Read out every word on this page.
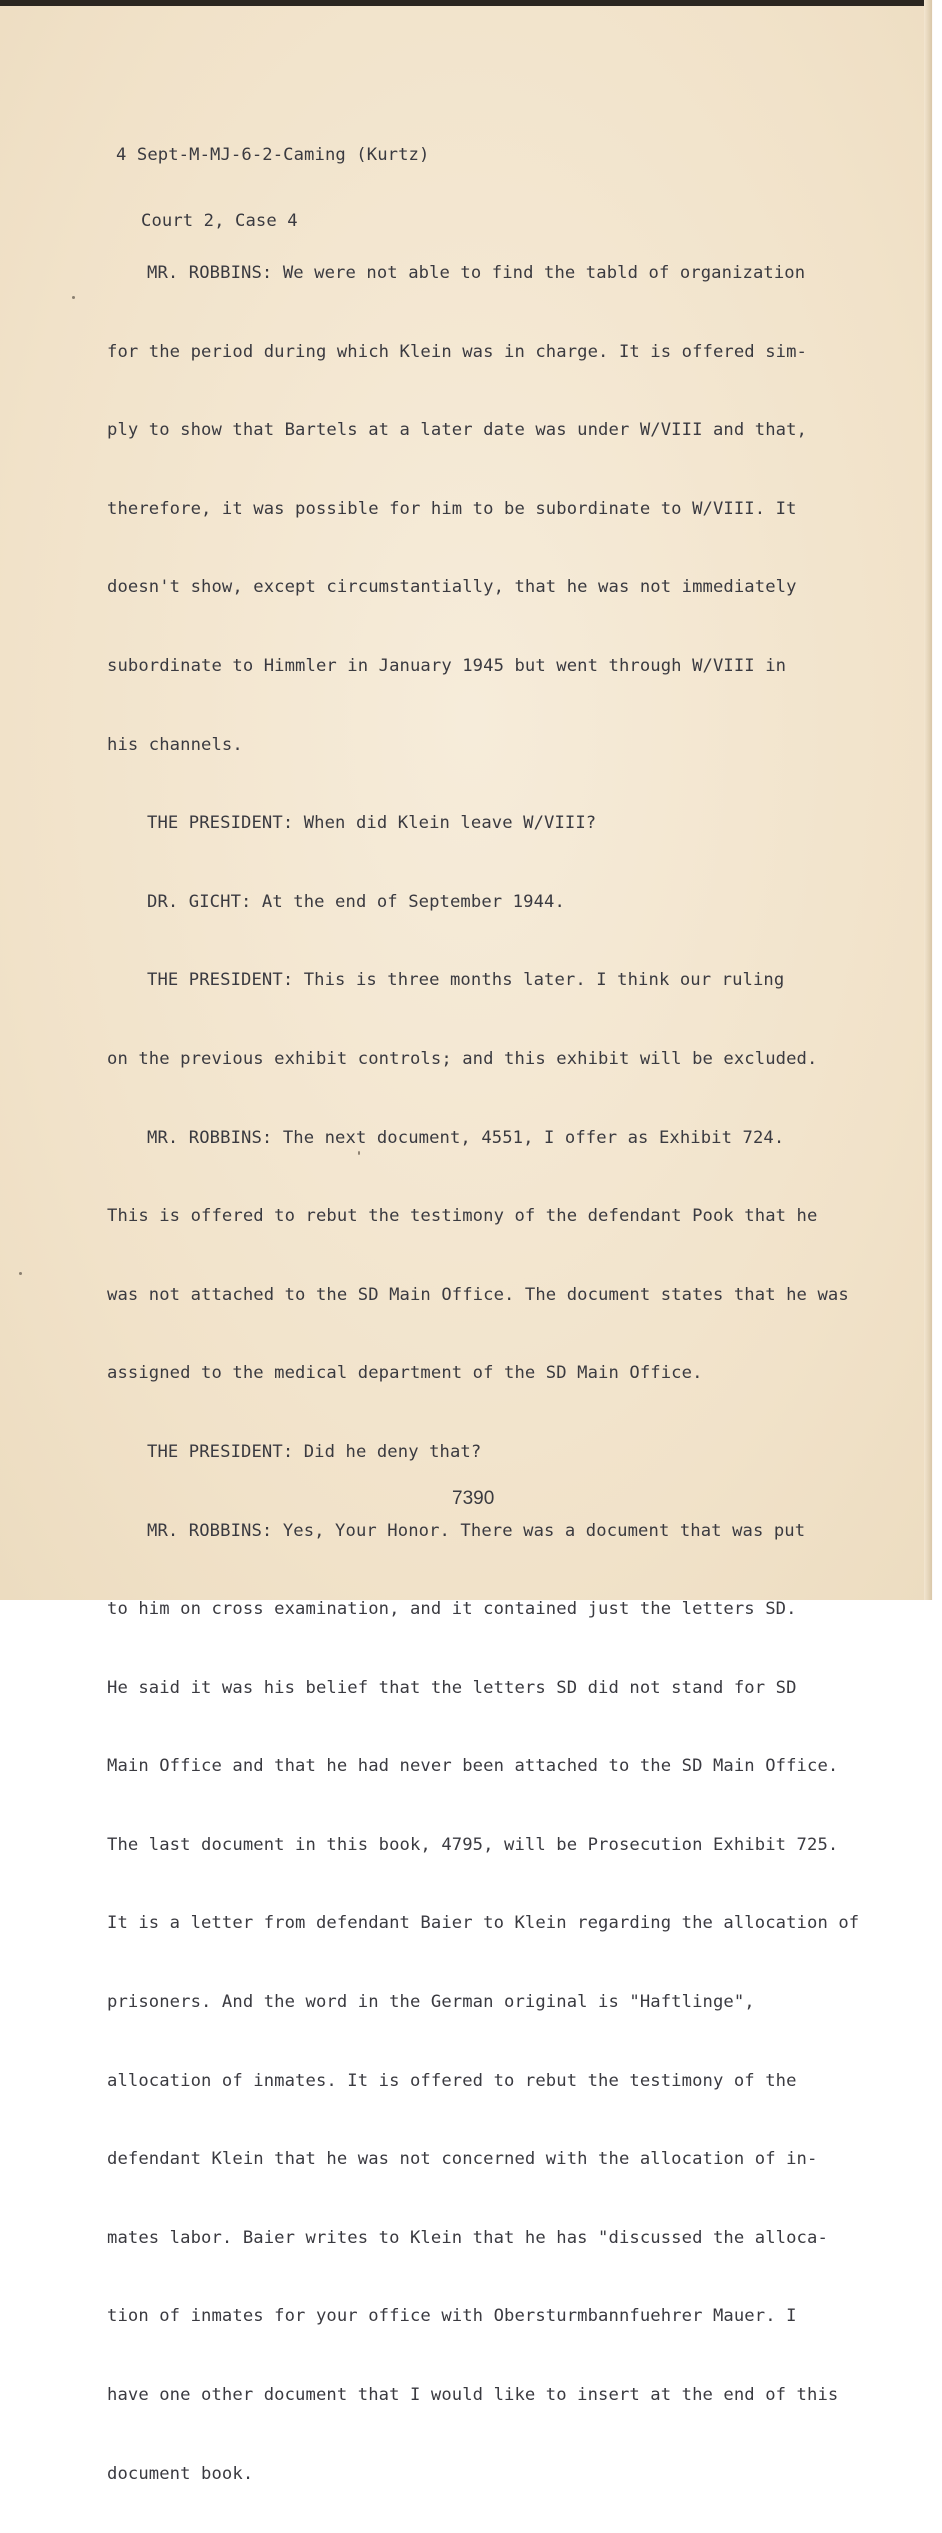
4 Sept-M-MJ-6-2-Caming (Kurtz)

Court 2, Case 4

MR. ROBBINS: We were not able to find the tabld of organization

for the period during which Klein was in charge. It is offered sim-

ply to show that Bartels at a later date was under W/VIII and that,

therefore, it was possible for him to be subordinate to W/VIII. It

doesn't show, except circumstantially, that he was not immediately

subordinate to Himmler in January 1945 but went through W/VIII in

his channels.

THE PRESIDENT: When did Klein leave W/VIII?

DR. GICHT: At the end of September 1944.

THE PRESIDENT: This is three months later. I think our ruling

on the previous exhibit controls; and this exhibit will be excluded.

MR. ROBBINS: The next document, 4551, I offer as Exhibit 724.

This is offered to rebut the testimony of the defendant Pook that he

was not attached to the SD Main Office. The document states that he was

assigned to the medical department of the SD Main Office.

THE PRESIDENT: Did he deny that?

MR. ROBBINS: Yes, Your Honor. There was a document that was put

to him on cross examination, and it contained just the letters SD.

He said it was his belief that the letters SD did not stand for SD

Main Office and that he had never been attached to the SD Main Office.

The last document in this book, 4795, will be Prosecution Exhibit 725.

It is a letter from defendant Baier to Klein regarding the allocation of

prisoners. And the word in the German original is "Haftlinge",

allocation of inmates. It is offered to rebut the testimony of the

defendant Klein that he was not concerned with the allocation of in-

mates labor. Baier writes to Klein that he has "discussed the alloca-

tion of inmates for your office with Obersturmbannfuehrer Mauer. I

have one other document that I would like to insert at the end of this

document book.

7390
